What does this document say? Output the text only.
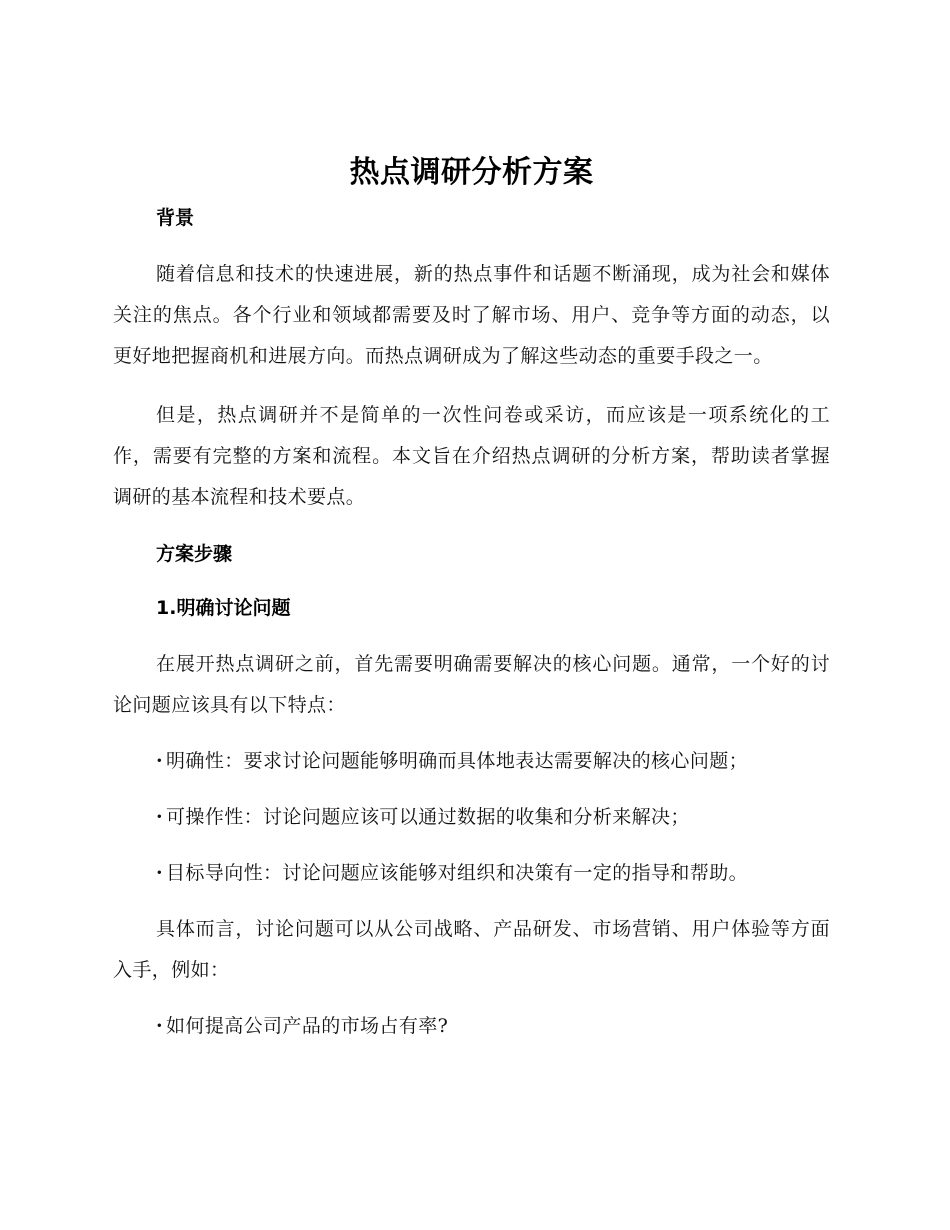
热点调研分析方案
背景

随着信息和技术的快速进展，新的热点事件和话题不断涌现，成为社会和媒体关注的焦点。各个行业和领域都需要及时了解市场、用户、竞争等方面的动态，以更好地把握商机和进展方向。而热点调研成为了解这些动态的重要手段之一。

但是，热点调研并不是简单的一次性问卷或采访，而应该是一项系统化的工作，需要有完整的方案和流程。本文旨在介绍热点调研的分析方案，帮助读者掌握调研的基本流程和技术要点。

方案步骤
1.明确讨论问题

在展开热点调研之前，首先需要明确需要解决的核心问题。通常，一个好的讨论问题应该具有以下特点：

· 明确性：要求讨论问题能够明确而具体地表达需要解决的核心问题；

· 可操作性：讨论问题应该可以通过数据的收集和分析来解决；

· 目标导向性：讨论问题应该能够对组织和决策有一定的指导和帮助。

具体而言，讨论问题可以从公司战略、产品研发、市场营销、用户体验等方面入手，例如：

· 如何提高公司产品的市场占有率?
